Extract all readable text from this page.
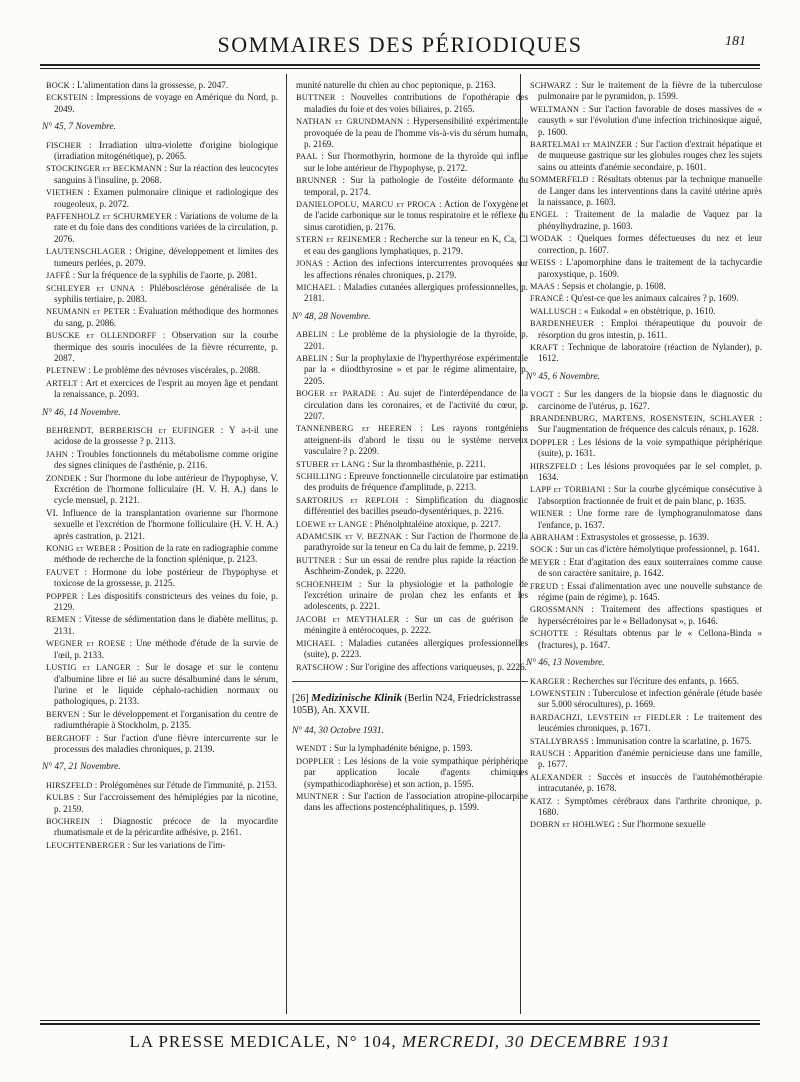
SOMMAIRES DES PÉRIODIQUES	181
BOCK : L'alimentation dans la grossesse, p. 2047.
ECKSTEIN : Impressions de voyage en Amérique du Nord, p. 2049.
N° 45, 7 Novembre.
FISCHER : Irradiation ultra-violette d'origine biologique (irradiation mitogénétique), p. 2065.
STOCKINGER et BECKMANN : Sur la réaction des leucocytes sanguins à l'insuline, p. 2068.
VIETHEN : Examen pulmonaire clinique et radiologique des rougeoleux, p. 2072.
PAFFENHOLZ et SCHURMEYER : Variations de volume de la rate et du foie dans des conditions variées de la circulation, p. 2076.
LAUTENSCHLAGER : Origine, développement et limites des tumeurs perlées, p. 2079.
JAFFÉ : Sur la fréquence de la syphilis de l'aorte, p. 2081.
SCHLEYER et UNNA : Phlébosclérose généralisée de la syphilis tertiaire, p. 2083.
NEUMANN et PETER : Evaluation méthodique des hormones du sang, p. 2086.
BUSCKE et OLLENDORFF : Observation sur la courbe thermique des souris inoculées de la fièvre récurrente, p. 2087.
PLETNEW : Le problème des névroses viscérales, p. 2088.
ARTELT : Art et exercices de l'esprit au moyen âge et pendant la renaissance, p. 2093.
N° 46, 14 Novembre.
BEHRENDT, BERBERISCH et EUFINGER : Y a-t-il une acidose de la grossesse ? p. 2113.
JAHN : Troubles fonctionnels du métabolisme comme origine des signes cliniques de l'asthénie, p. 2116.
ZONDEK : Sur l'hormone du lobe antérieur de l'hypophyse, V. Excrétion de l'hormone folliculaire (H. V. H. A.) dans le cycle mensuel, p. 2121.
VI. Influence de la transplantation ovarienne sur l'hormone sexuelle et l'excrétion de l'hormone folliculaire (H. V. H. A.) après castration, p. 2121.
KONIG et WEBER : Position de la rate en radiographie comme méthode de recherche de la fonction splénique, p. 2123.
FAUVET : Hormone du lobe postérieur de l'hypophyse et toxicose de la grossesse, p. 2125.
POPPER : Les dispositifs constricteurs des veines du foie, p. 2129.
REMEN : Vitesse de sédimentation dans le diabète mellitus, p. 2131.
WEGNER et ROESE : Une méthode d'étude de la survie de l'œil, p. 2133.
LUSTIG et LANGER : Sur le dosage et sur le contenu d'albumine libre et lié au sucre désalbuminé dans le sérum, l'urine et le liquide céphalo-rachidien normaux ou pathologiques, p. 2133.
BERVEN : Sur le développement et l'organisation du centre de radiumthérapie à Stockholm, p. 2135.
BERGHOFF : Sur l'action d'une fièvre intercurrente sur le processus des maladies chroniques, p. 2139.
N° 47, 21 Novembre.
HIRSZFELD : Prolégomènes sur l'étude de l'immunité, p. 2153.
KULBS : Sur l'accroissement des hémiplégies par la nicotine, p. 2159.
BOCHREIN : Diagnostic précoce de la myocardite rhumatismale et de la péricardite adhésive, p. 2161.
LEUCHTENBERGER : Sur les variations de l'im-
munité naturelle du chien au choc peptonique, p. 2163.
BUTTNER : Nouvelles contributions de l'opothérapie des maladies du foie et des voies biliaires, p. 2165.
NATHAN et GRUNDMANN : Hypersensibilité expérimentale provoquée de la peau de l'homme vis-à-vis du sérum humain, p. 2169.
PAAL : Sur l'hormothyrin, hormone de la thyroïde qui influe sur le lobe antérieur de l'hypophyse, p. 2172.
BRUNNER : Sur la pathologie de l'ostéite déformante du temporal, p. 2174.
DANIELOPOLU, MARCU et PROCA : Action de l'oxygène et de l'acide carbonique sur le tonus respiratoire et le réflexe du sinus carotidien, p. 2176.
STERN et REINEMER : Recherche sur la teneur en K, Ca, Cl et eau des ganglions lymphatiques, p. 2179.
JONAS : Action des infections intercurrentes provoquées sur les affections rénales chroniques, p. 2179.
MICHAEL : Maladies cutanées allergiques professionnelles, p. 2181.
N° 48, 28 Novembre.
ABELIN : Le problème de la physiologie de la thyroïde, p. 2201.
ABELIN : Sur la prophylaxie de l'hyperthyréose expérimentale par la « diiodthyrosine » et par le régime alimentaire, p. 2205.
BOGER et PARADE : Au sujet de l'interdépendance de la circulation dans les coronaires, et de l'activité du cœur, p. 2207.
TANNENBERG et HEEREN : Les rayons rontgéniens atteignent-ils d'abord le tissu ou le système nerveux vasculaire ? p. 2209.
STUBER et LANG : Sur la thrombasthénie, p. 2211.
SCHILLING : Epreuve fonctionnelle circulatoire par estimation des produits de fréquence d'amplitude, p. 2213.
SARTORIUS et REPLOH : Simplification du diagnostic différentiel des bacilles pseudo-dysentériques, p. 2216.
LOEWE et LANGE : Phénolphtaléine atoxique, p. 2217.
ADAMCSIK et V. BEZNAK : Sur l'action de l'hormone de la parathyroïde sur la teneur en Ca du lait de femme, p. 2219.
BUTTNER : Sur un essai de rendre plus rapide la réaction de Aschheim-Zondek, p. 2220.
SCHOENHEIM : Sur la physiologie et la pathologie de l'excrétion urinaire de prolan chez les enfants et les adolescents, p. 2221.
JACOBI et MEYTHALER : Sur un cas de guérison de méningite à entérocoques, p. 2222.
MICHAEL : Maladies cutanées allergiques professionnelles (suite), p. 2223.
RATSCHOW : Sur l'origine des affections variqueuses, p. 2226.
[26] Medizinische Klinik (Berlin N24, Friedrickstrasse 105B), An. XXVII.
N° 44, 30 Octobre 1931.
WENDT : Sur la lymphadénite bénigne, p. 1593.
DOPPLER : Les lésions de la voie sympathique périphérique par application locale d'agents chimiques (sympathicodiaphorèse) et son action, p. 1595.
MUNTNER : Sur l'action de l'association atropine-pilocarpine dans les affections postencéphalitiques, p. 1599.
SCHWARZ : Sur le traitement de la fièvre de la tuberculose pulmonaire par le pyramidon, p. 1599.
WELTMANN : Sur l'action favorable de doses massives de « causyth » sur l'évolution d'une infection trichinosique aiguë, p. 1600.
BARTELMAI et MAINZER : Sur l'action d'extrait hépatique et de muqueuse gastrique sur les globules rouges chez les sujets sains ou atteints d'anémie secondaire, p. 1601.
SOMMERFELD : Résultats obtenus par la technique manuelle de Langer dans les interventions dans la cavité utérine après la naissance, p. 1603.
ENGEL : Traitement de la maladie de Vaquez par la phénylhydrazine, p. 1603.
WODAK : Quelques formes défectueuses du nez et leur correction, p. 1607.
WEISS : L'apomorphine dans le traitement de la tachycardie paroxystique, p. 1609.
MAAS : Sepsis et cholangie, p. 1608.
FRANCÉ : Qu'est-ce que les animaux calcaires ? p. 1609.
WALLUSCH : « Eukodal » en obstétrique, p. 1610.
BARDENHEUER : Emploi thérapeutique du pouvoir de résorption du gros intestin, p. 1611.
KRAFT : Technique de laboratoire (réaction de Nylander), p. 1612.
N° 45, 6 Novembre.
VOGT : Sur les dangers de la biopsie dans le diagnostic du carcinome de l'utérus, p. 1627.
BRANDENBURG, MARTENS, ROSENSTEIN, SCHLAYER : Sur l'augmentation de fréquence des calculs rénaux, p. 1628.
DOPPLER : Les lésions de la voie sympathique périphérique (suite), p. 1631.
HIRSZFELD : Les lésions provoquées par le sel complet, p. 1634.
LAPP et TORBIANI : Sur la courbe glycémique consécutive à l'absorption fractionnée de fruit et de pain blanc, p. 1635.
WIENER : Une forme rare de lymphogranulomatose dans l'enfance, p. 1637.
ABRAHAM : Extrasystoles et grossesse, p. 1639.
SOCK : Sur un cas d'ictère hémolytique professionnel, p. 1641.
MEYER : Etat d'agitation des eaux souterraines comme cause de son caractère sanitaire, p. 1642.
FREUD : Essai d'alimentation avec une nouvelle substance de régime (pain de régime), p. 1645.
GROSSMANN : Traitement des affections spastiques et hypersécrétoires par le « Belladonysat », p. 1646.
SCHOTTE : Résultats obtenus par le « Cellona-Binda » (fractures), p. 1647.
N° 46, 13 Novembre.
KARGER : Recherches sur l'écriture des enfants, p. 1665.
LOWENSTEIN : Tuberculose et infection générale (étude basée sur 5.000 sérocultures), p. 1669.
BARDACHZI, LEVSTEIN et FIEDLER : Le traitement des leucémies chroniques, p. 1671.
STALLYBRASS : Immunisation contre la scarlatine, p. 1675.
RAUSCH : Apparition d'anémie pernicieuse dans une famille, p. 1677.
ALEXANDER : Succès et insuccès de l'autohémothérapie intracutanée, p. 1678.
KATZ : Symptômes cérébraux dans l'arthrite chronique, p. 1680.
DOBRN et HOHLWEG : Sur l'hormone sexuelle
LA PRESSE MEDICALE, N° 104, MERCREDI, 30 DECEMBRE 1931
